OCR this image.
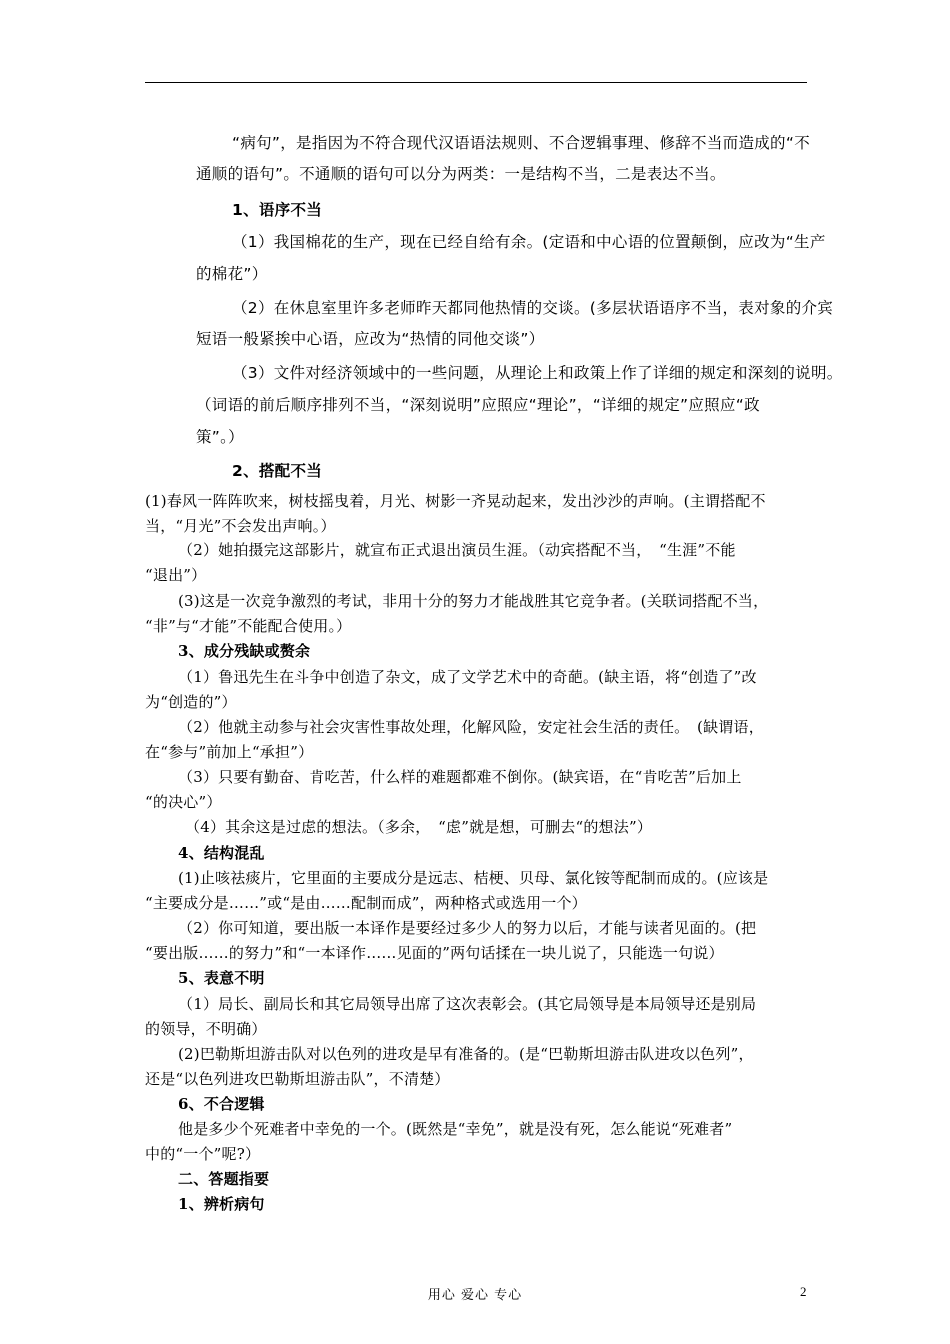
“病句”，是指因为不符合现代汉语语法规则、不合逻辑事理、修辞不当而造成的“不
通顺的语句”。不通顺的语句可以分为两类：一是结构不当，二是表达不当。
1、语序不当
（1）我国棉花的生产，现在已经自给有余。(定语和中心语的位置颠倒，应改为“生产
的棉花”）
（2）在休息室里许多老师昨天都同他热情的交谈。(多层状语语序不当，表对象的介宾
短语一般紧挨中心语，应改为“热情的同他交谈”）
（3）文件对经济领域中的一些问题，从理论上和政策上作了详细的规定和深刻的说明。
（词语的前后顺序排列不当，“深刻说明”应照应“理论”，“详细的规定”应照应“政
策”。）
2、搭配不当
(1)春风一阵阵吹来，树枝摇曳着，月光、树影一齐晃动起来，发出沙沙的声响。(主谓搭配不
当，“月光”不会发出声响。）
（2）她拍摄完这部影片，就宣布正式退出演员生涯。（动宾搭配不当，　“生涯”不能
“退出”）
(3)这是一次竞争激烈的考试，非用十分的努力才能战胜其它竞争者。(关联词搭配不当，
“非”与“才能”不能配合使用。）
3、成分残缺或赘余
（1）鲁迅先生在斗争中创造了杂文，成了文学艺术中的奇葩。(缺主语，将“创造了”改
为“创造的”）
（2）他就主动参与社会灾害性事故处理，化解风险，安定社会生活的责任。　(缺谓语，
在“参与”前加上“承担”）
（3）只要有勤奋、肯吃苦，什么样的难题都难不倒你。(缺宾语，在“肯吃苦”后加上
“的决心”）
（4）其余这是过虑的想法。（多余，　“虑”就是想，可删去“的想法”）
4、结构混乱
(1)止咳祛痰片，它里面的主要成分是远志、桔梗、贝母、氯化铵等配制而成的。(应该是
“主要成分是……”或“是由……配制而成”，两种格式或选用一个）
（2）你可知道，要出版一本译作是要经过多少人的努力以后，才能与读者见面的。(把
“要出版……的努力”和“一本译作……见面的”两句话揉在一块儿说了，只能选一句说）
5、表意不明
（1）局长、副局长和其它局领导出席了这次表彰会。(其它局领导是本局领导还是别局
的领导，不明确）
(2)巴勒斯坦游击队对以色列的进攻是早有准备的。(是“巴勒斯坦游击队进攻以色列”，
还是“以色列进攻巴勒斯坦游击队”，不清楚）
6、不合逻辑
他是多少个死难者中幸免的一个。(既然是“幸免”，就是没有死，怎么能说“死难者”
中的“一个”呢?）
二、答题指要
1、辨析病句
用心 爱心 专心	2
